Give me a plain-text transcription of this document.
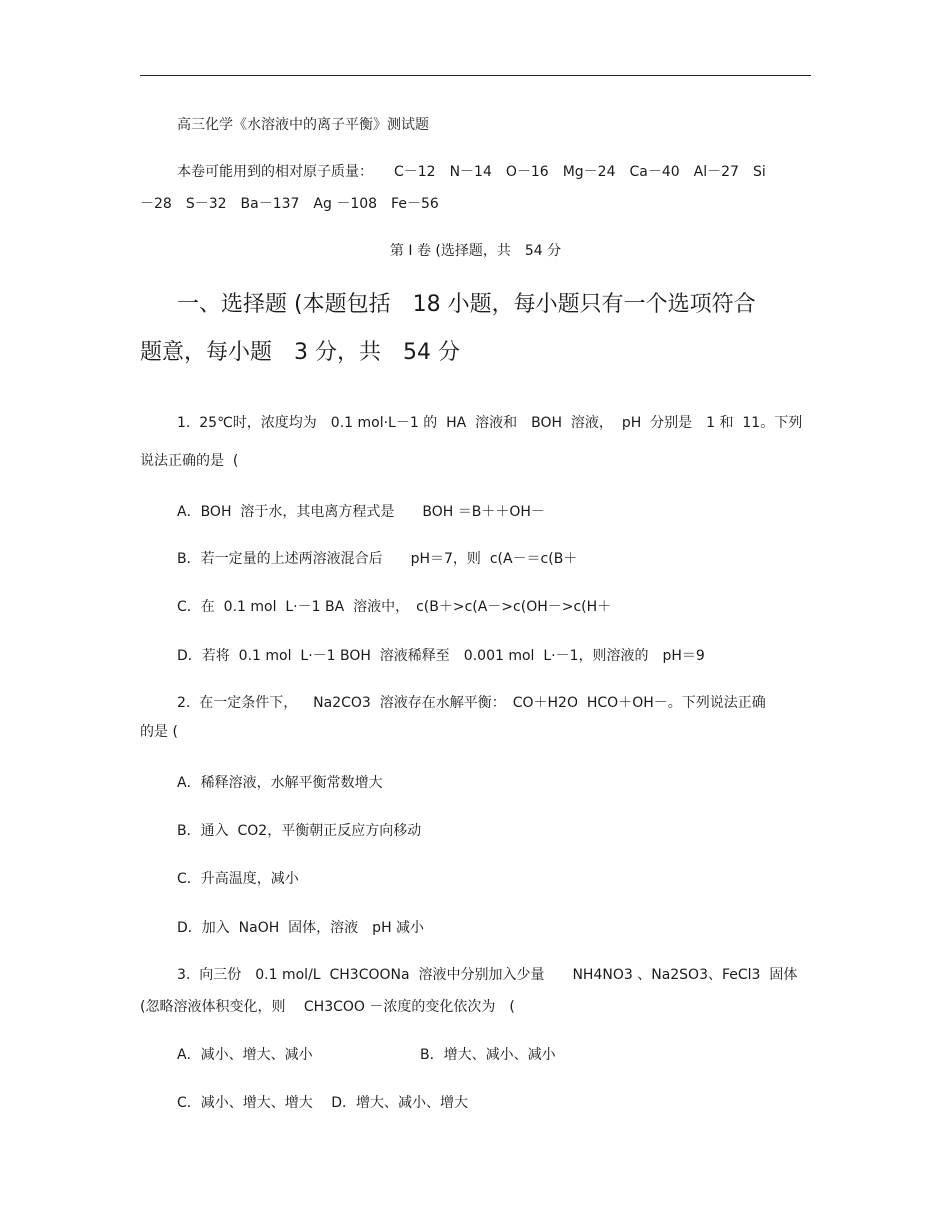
高三化学《水溶液中的离子平衡》测试题
本卷可能用到的相对原子质量：　　C－12　N－14　O－16　Mg－24　Ca－40　Al－27　Si
－28　S－32　Ba－137　Ag －108　Fe－56
第 I 卷 (选择题，共　54 分
一、选择题 (本题包括　18 小题，每小题只有一个选项符合
题意，每小题　3 分，共　54 分
1.  25℃时，浓度均为　0.1 mol·L－1 的  HA  溶液和　BOH  溶液，  pH  分别是　1 和  11。下列
说法正确的是  (
A．BOH  溶于水，其电离方程式是　　BOH ＝B＋＋OH－
B．若一定量的上述两溶液混合后　　pH＝7，则  c(A－＝c(B＋
C．在  0.1 mol  L·－1 BA  溶液中，　c(B＋>c(A－>c(OH－>c(H＋
D．若将  0.1 mol  L·－1 BOH  溶液稀释至　0.001 mol  L·－1，则溶液的　pH＝9
2.  在一定条件下，　  Na2CO3  溶液存在水解平衡：　CO＋H2O  HCO＋OH－。下列说法正确
的是 (
A．稀释溶液，水解平衡常数增大
B．通入  CO2，平衡朝正反应方向移动
C．升高温度，减小
D．加入  NaOH  固体，溶液　pH 减小
3.  向三份　0.1 mol/L  CH3COONa  溶液中分别加入少量　　NH4NO3 、Na2SO3、FeCl3  固体
(忽略溶液体积变化，则　 CH3COO －浓度的变化依次为　(
A．减小、增大、减小	B．增大、减小、减小
C．减小、增大、增大　 D．增大、减小、增大
